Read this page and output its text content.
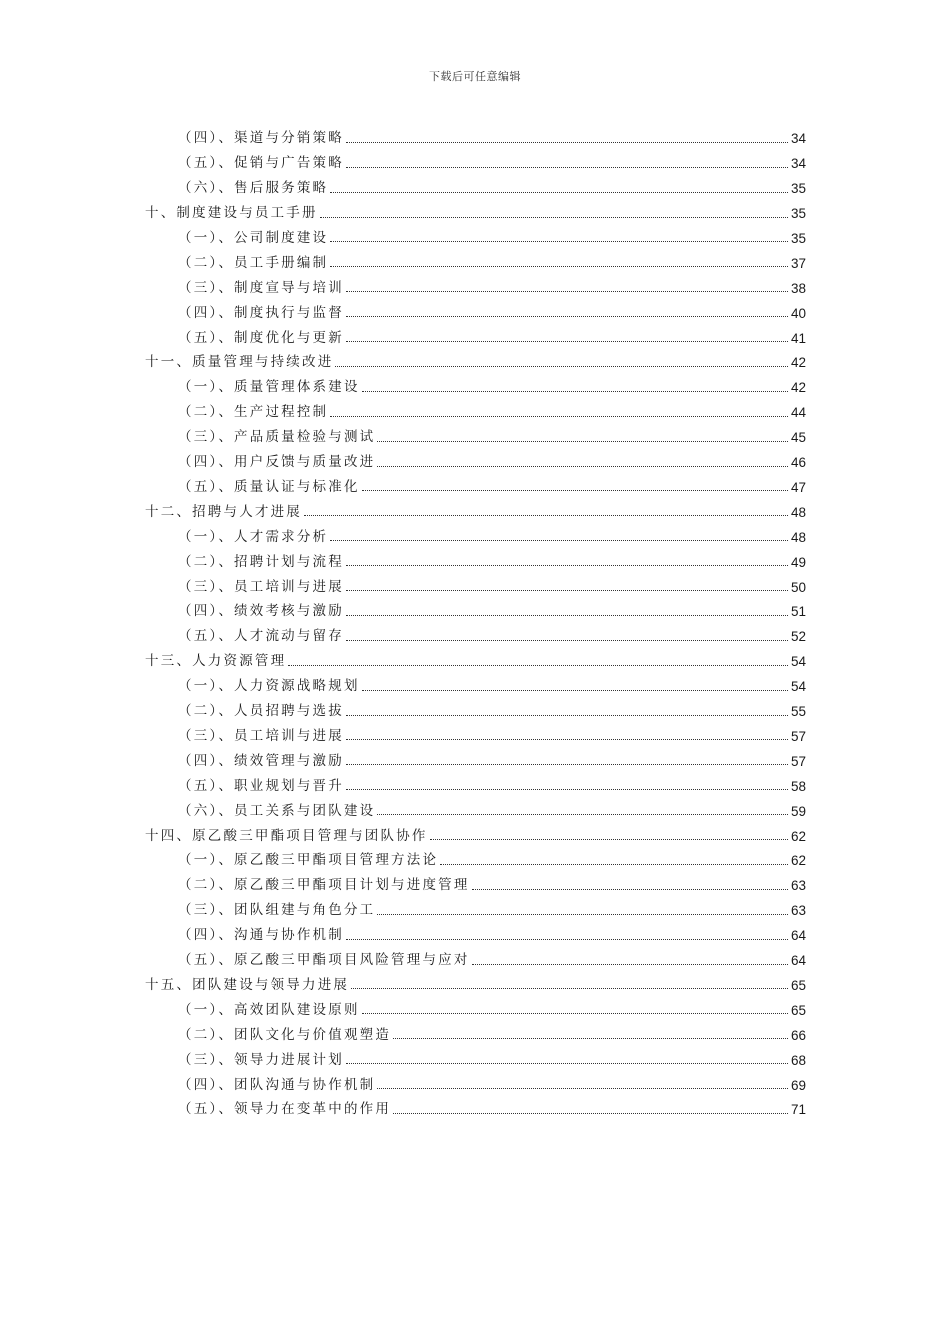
下载后可任意编辑
（四）、渠道与分销策略	34
（五）、促销与广告策略	34
（六）、售后服务策略	35
十、制度建设与员工手册	35
（一）、公司制度建设	35
（二）、员工手册编制	37
（三）、制度宣导与培训	38
（四）、制度执行与监督	40
（五）、制度优化与更新	41
十一、质量管理与持续改进	42
（一）、质量管理体系建设	42
（二）、生产过程控制	44
（三）、产品质量检验与测试	45
（四）、用户反馈与质量改进	46
（五）、质量认证与标准化	47
十二、招聘与人才进展	48
（一）、人才需求分析	48
（二）、招聘计划与流程	49
（三）、员工培训与进展	50
（四）、绩效考核与激励	51
（五）、人才流动与留存	52
十三、人力资源管理	54
（一）、人力资源战略规划	54
（二）、人员招聘与选拔	55
（三）、员工培训与进展	57
（四）、绩效管理与激励	57
（五）、职业规划与晋升	58
（六）、员工关系与团队建设	59
十四、原乙酸三甲酯项目管理与团队协作	62
（一）、原乙酸三甲酯项目管理方法论	62
（二）、原乙酸三甲酯项目计划与进度管理	63
（三）、团队组建与角色分工	63
（四）、沟通与协作机制	64
（五）、原乙酸三甲酯项目风险管理与应对	64
十五、团队建设与领导力进展	65
（一）、高效团队建设原则	65
（二）、团队文化与价值观塑造	66
（三）、领导力进展计划	68
（四）、团队沟通与协作机制	69
（五）、领导力在变革中的作用	71
